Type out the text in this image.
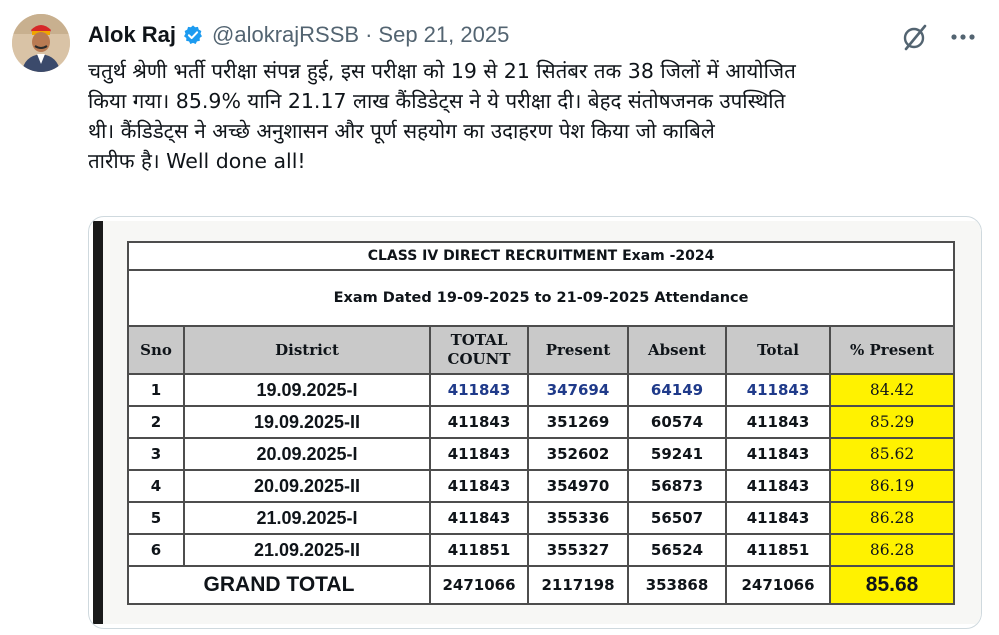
Alok Raj @alokrajRSSB · Sep 21, 2025
चतुर्थ श्रेणी भर्ती परीक्षा संपन्न हुई, इस परीक्षा को 19 से 21 सितंबर तक 38 जिलों में आयोजित
किया गया। 85.9% यानि 21.17 लाख कैंडिडेट्स ने ये परीक्षा दी। बेहद संतोषजनक उपस्थिति
थी। कैंडिडेट्स ने अच्छे अनुशासन और पूर्ण सहयोग का उदाहरण पेश किया जो काबिले
तारीफ है। Well done all!
CLASS IV DIRECT RECRUITMENT Exam -2024						
Exam Dated 19-09-2025 to 21-09-2025 Attendance						
Sno	District	TOTAL COUNT	Present	Absent	Total	% Present
1	19.09.2025-I	411843	347694	64149	411843	84.42
2	19.09.2025-II	411843	351269	60574	411843	85.29
3	20.09.2025-I	411843	352602	59241	411843	85.62
4	20.09.2025-II	411843	354970	56873	411843	86.19
5	21.09.2025-I	411843	355336	56507	411843	86.28
6	21.09.2025-II	411851	355327	56524	411851	86.28
GRAND TOTAL		2471066	2117198	353868	2471066	85.68
